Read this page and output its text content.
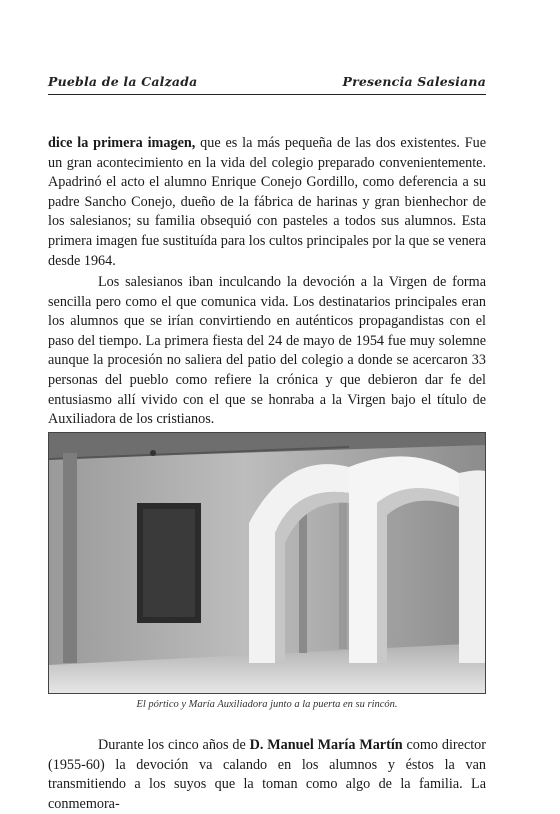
Puebla de la Calzada	Presencia Salesiana
dice la primera imagen, que es la más pequeña de las dos existentes. Fue un gran acontecimiento en la vida del colegio preparado convenientemente. Apadrinó el acto el alumno Enrique Conejo Gordillo, como deferencia a su padre Sancho Conejo, dueño de la fábrica de harinas y gran bienhechor de los salesianos; su familia obsequió con pasteles a todos sus alumnos. Esta primera imagen fue sustituída para los cultos principales por la que se venera desde 1964.
Los salesianos iban inculcando la devoción a la Virgen de forma sencilla pero como el que comunica vida. Los destinatarios principales eran los alumnos que se irían convirtiendo en auténticos propagandistas con el paso del tiempo. La primera fiesta del 24 de mayo de 1954 fue muy solemne aunque la procesión no saliera del patio del colegio a donde se acercaron 33 personas del pueblo como refiere la crónica y que debieron dar fe del entusiasmo allí vivido con el que se honraba a la Virgen bajo el título de Auxiliadora de los cristianos.
El pórtico y María Auxiliadora junto a la puerta en su rincón.
Durante los cinco años de D. Manuel María Martín como director (1955-60) la devoción va calando en los alumnos y éstos la van transmitiendo a los suyos que la toman como algo de la familia. La conmemora-
